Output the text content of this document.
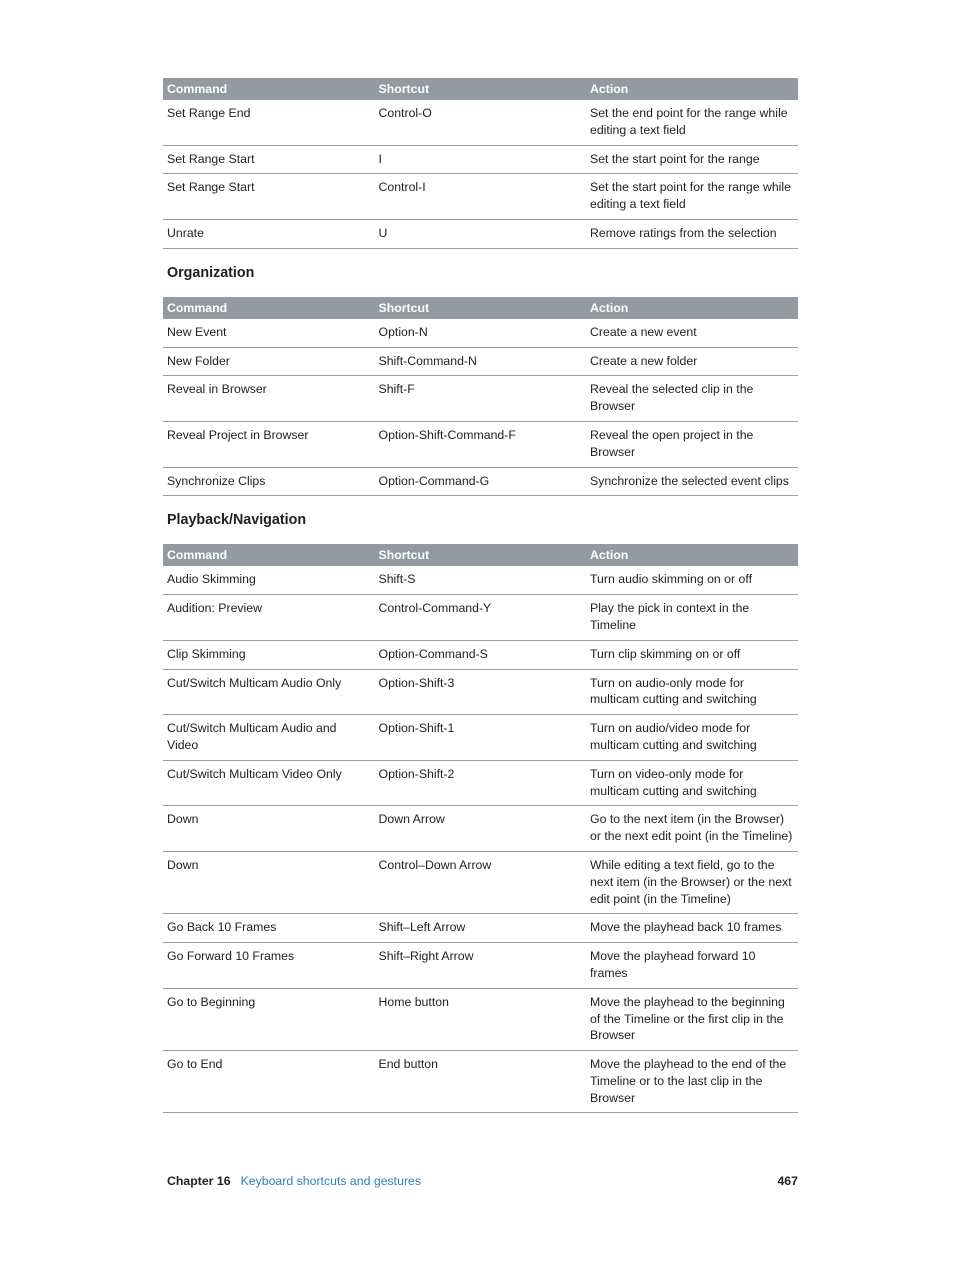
Command	Shortcut	Action
Set Range End	Control-O	Set the end point for the range while editing a text field
Set Range Start	I	Set the start point for the range
Set Range Start	Control-I	Set the start point for the range while editing a text field
Unrate	U	Remove ratings from the selection
Organization
Command	Shortcut	Action
New Event	Option-N	Create a new event
New Folder	Shift-Command-N	Create a new folder
Reveal in Browser	Shift-F	Reveal the selected clip in the Browser
Reveal Project in Browser	Option-Shift-Command-F	Reveal the open project in the Browser
Synchronize Clips	Option-Command-G	Synchronize the selected event clips
Playback/Navigation
Command	Shortcut	Action
Audio Skimming	Shift-S	Turn audio skimming on or off
Audition: Preview	Control-Command-Y	Play the pick in context in the Timeline
Clip Skimming	Option-Command-S	Turn clip skimming on or off
Cut/Switch Multicam Audio Only	Option-Shift-3	Turn on audio-only mode for multicam cutting and switching
Cut/Switch Multicam Audio and Video	Option-Shift-1	Turn on audio/video mode for multicam cutting and switching
Cut/Switch Multicam Video Only	Option-Shift-2	Turn on video-only mode for multicam cutting and switching
Down	Down Arrow	Go to the next item (in the Browser) or the next edit point (in the Timeline)
Down	Control–Down Arrow	While editing a text field, go to the next item (in the Browser) or the next edit point (in the Timeline)
Go Back 10 Frames	Shift–Left Arrow	Move the playhead back 10 frames
Go Forward 10 Frames	Shift–Right Arrow	Move the playhead forward 10 frames
Go to Beginning	Home button	Move the playhead to the beginning of the Timeline or the first clip in the Browser
Go to End	End button	Move the playhead to the end of the Timeline or to the last clip in the Browser
Chapter 16 Keyboard shortcuts and gestures	467
